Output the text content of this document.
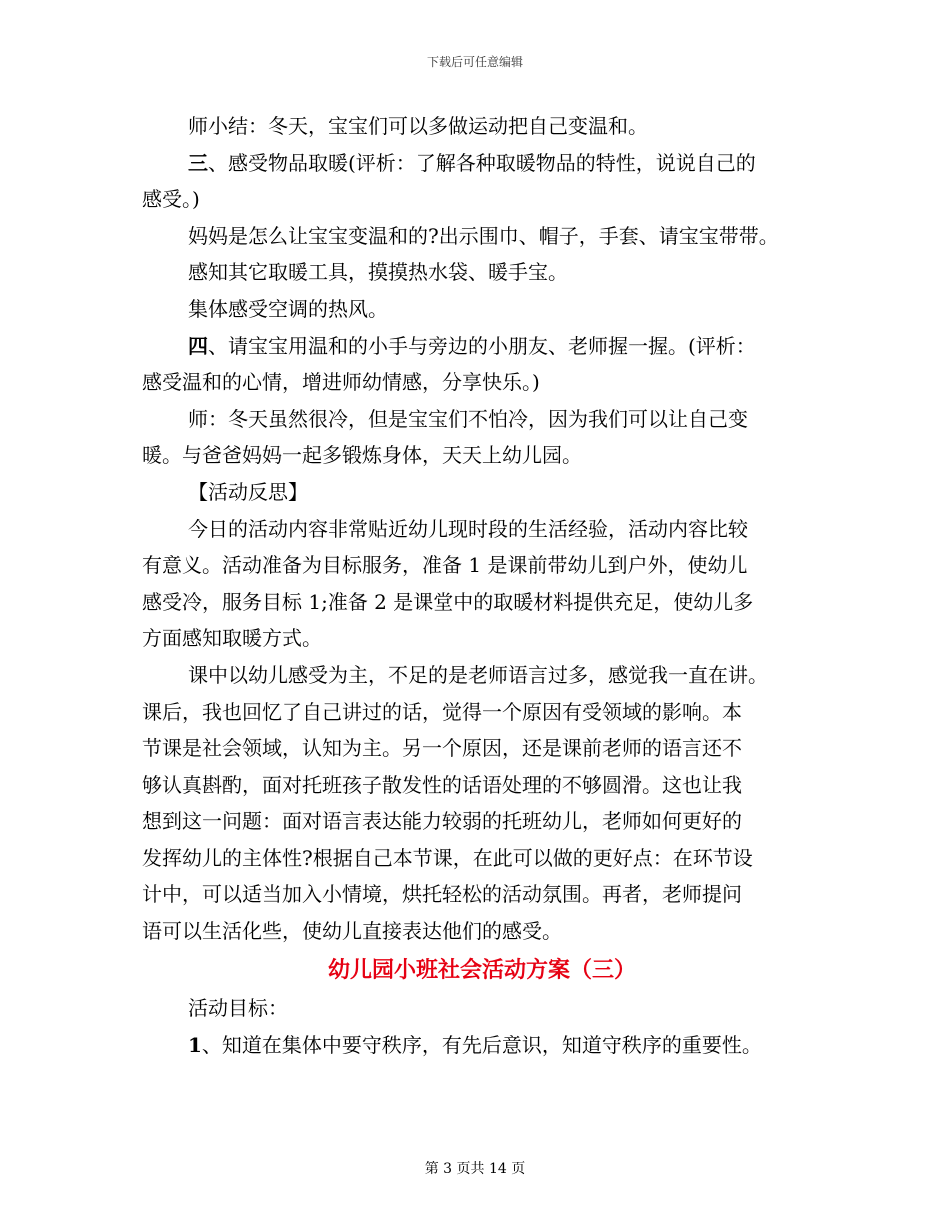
下载后可任意编辑

师小结：冬天，宝宝们可以多做运动把自己变温和。

三、感受物品取暖(评析：了解各种取暖物品的特性，说说自己的

感受。)

妈妈是怎么让宝宝变温和的?出示围巾、帽子，手套、请宝宝带带。

感知其它取暖工具，摸摸热水袋、暖手宝。

集体感受空调的热风。

四、请宝宝用温和的小手与旁边的小朋友、老师握一握。(评析：

感受温和的心情，增进师幼情感，分享快乐。)

师：冬天虽然很冷，但是宝宝们不怕冷，因为我们可以让自己变

暖。与爸爸妈妈一起多锻炼身体，天天上幼儿园。

【活动反思】

今日的活动内容非常贴近幼儿现时段的生活经验，活动内容比较

有意义。活动准备为目标服务，准备 1 是课前带幼儿到户外，使幼儿

感受冷，服务目标 1;准备 2 是课堂中的取暖材料提供充足，使幼儿多

方面感知取暖方式。

课中以幼儿感受为主，不足的是老师语言过多，感觉我一直在讲。

课后，我也回忆了自己讲过的话，觉得一个原因有受领域的影响。本

节课是社会领域，认知为主。另一个原因，还是课前老师的语言还不

够认真斟酌，面对托班孩子散发性的话语处理的不够圆滑。这也让我

想到这一问题：面对语言表达能力较弱的托班幼儿，老师如何更好的

发挥幼儿的主体性?根据自己本节课，在此可以做的更好点：在环节设

计中，可以适当加入小情境，烘托轻松的活动氛围。再者，老师提问

语可以生活化些，使幼儿直接表达他们的感受。

幼儿园小班社会活动方案（三）

活动目标：

1、知道在集体中要守秩序，有先后意识，知道守秩序的重要性。

第 3 页共 14 页
